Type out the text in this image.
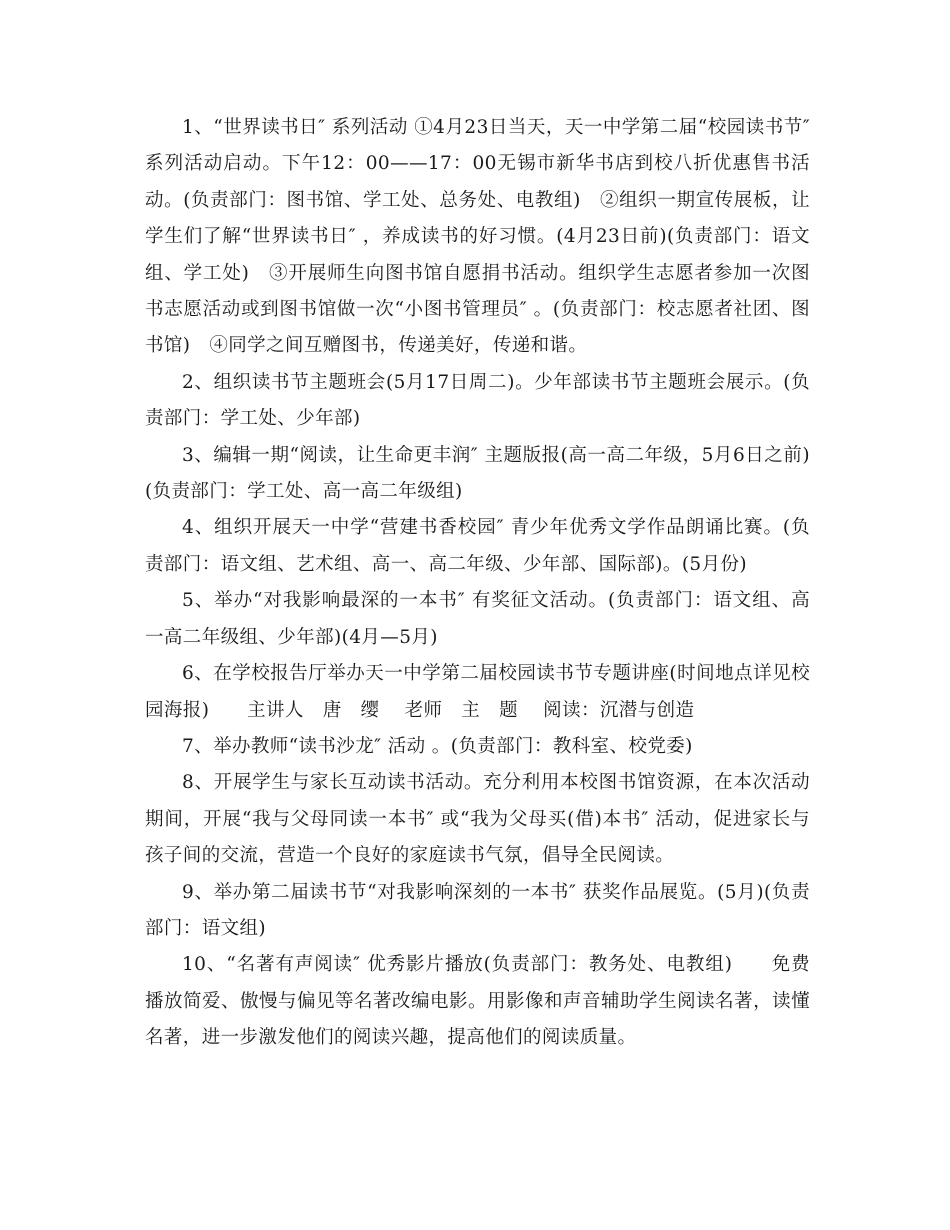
1、“世界读书日″ 系列活动 ①4月23日当天，天一中学第二届“校园读书节″ 系列活动启动。下午12：00——17：00无锡市新华书店到校八折优惠售书活动。(负责部门：图书馆、学工处、总务处、电教组)　②组织一期宣传展板，让学生们了解“世界读书日″ ，养成读书的好习惯。(4月23日前)(负责部门：语文组、学工处)　③开展师生向图书馆自愿捐书活动。组织学生志愿者参加一次图书志愿活动或到图书馆做一次“小图书管理员″ 。(负责部门：校志愿者社团、图书馆)　④同学之间互赠图书，传递美好，传递和谐。

2、组织读书节主题班会(5月17日周二)。少年部读书节主题班会展示。(负责部门：学工处、少年部)

3、编辑一期“阅读，让生命更丰润″ 主题版报(高一高二年级，5月6日之前)(负责部门：学工处、高一高二年级组)

4、组织开展天一中学“营建书香校园″ 青少年优秀文学作品朗诵比赛。(负责部门：语文组、艺术组、高一、高二年级、少年部、国际部)。(5月份)

5、举办“对我影响最深的一本书″ 有奖征文活动。(负责部门：语文组、高一高二年级组、少年部)(4月—5月)

6、在学校报告厅举办天一中学第二届校园读书节专题讲座(时间地点详见校园海报)　　主讲人　唐　缨　 老师　主　题　 阅读：沉潜与创造

7、举办教师“读书沙龙″ 活动 。(负责部门：教科室、校党委)

8、开展学生与家长互动读书活动。充分利用本校图书馆资源，在本次活动期间，开展“我与父母同读一本书″ 或“我为父母买(借)本书″ 活动，促进家长与孩子间的交流，营造一个良好的家庭读书气氛，倡导全民阅读。

9、举办第二届读书节“对我影响深刻的一本书″ 获奖作品展览。(5月)(负责部门：语文组)

10、“名著有声阅读″ 优秀影片播放(负责部门：教务处、电教组)　　免费播放简爱、傲慢与偏见等名著改编电影。用影像和声音辅助学生阅读名著，读懂名著，进一步激发他们的阅读兴趣，提高他们的阅读质量。
